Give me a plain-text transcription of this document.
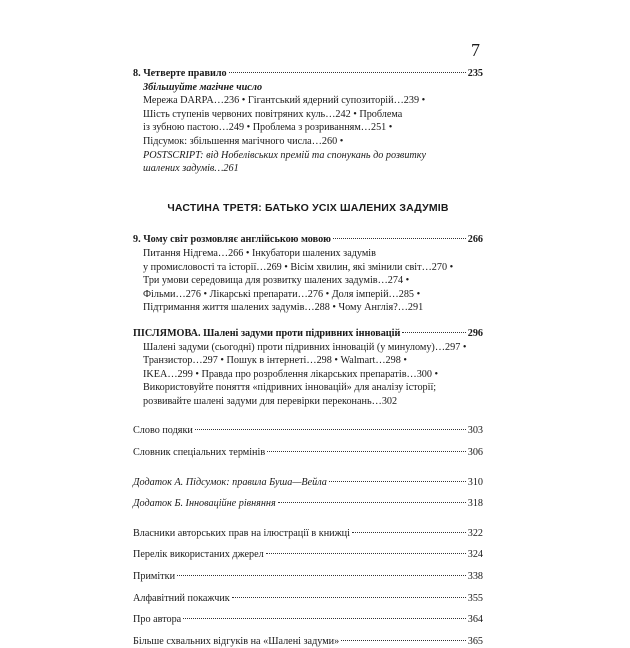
7
8. Четверте правило	235
Збільшуйте магічне число
Мережа DARPA…236 • Гігантський ядерний супозиторій…239 •
Шість ступенів червоних повітряних куль…242 • Проблема
із зубною пастою…249 • Проблема з розриванням…251 •
Підсумок: збільшення магічного числа…260 •
POSTSCRIPT: від Нобелівських премій та спонукань до розвитку
шалених задумів…261
ЧАСТИНА ТРЕТЯ: БАТЬКО УСІХ ШАЛЕНИХ ЗАДУМІВ
9. Чому світ розмовляє англійською мовою	266
Питання Нідгема…266 • Інкубатори шалених задумів
у промисловості та історії…269 • Вісім хвилин, які змінили світ…270 •
Три умови середовища для розвитку шалених задумів…274 •
Фільми…276 • Лікарські препарати…276 • Доля імперій…285 •
Підтримання життя шалених задумів…288 • Чому Англія?…291
ПІСЛЯМОВА. Шалені задуми проти підривних інновацій	296
Шалені задуми (сьогодні) проти підривних інновацій (у минулому)…297 •
Транзистор…297 • Пошук в інтернеті…298 • Walmart…298 •
IKEA…299 • Правда про розроблення лікарських препаратів…300 •
Використовуйте поняття «підривних інновацій» для аналізу історії;
розвивайте шалені задуми для перевірки переконань…302
Слово подяки	303
Словник спеціальних термінів	306
Додаток А. Підсумок: правила Буша—Вейла	310
Додаток Б. Інноваційне рівняння	318
Власники авторських прав на ілюстрації в книжці	322
Перелік використаних джерел	324
Примітки	338
Алфавітний покажчик	355
Про автора	364
Більше схвальних відгуків на «Шалені задуми»	365
